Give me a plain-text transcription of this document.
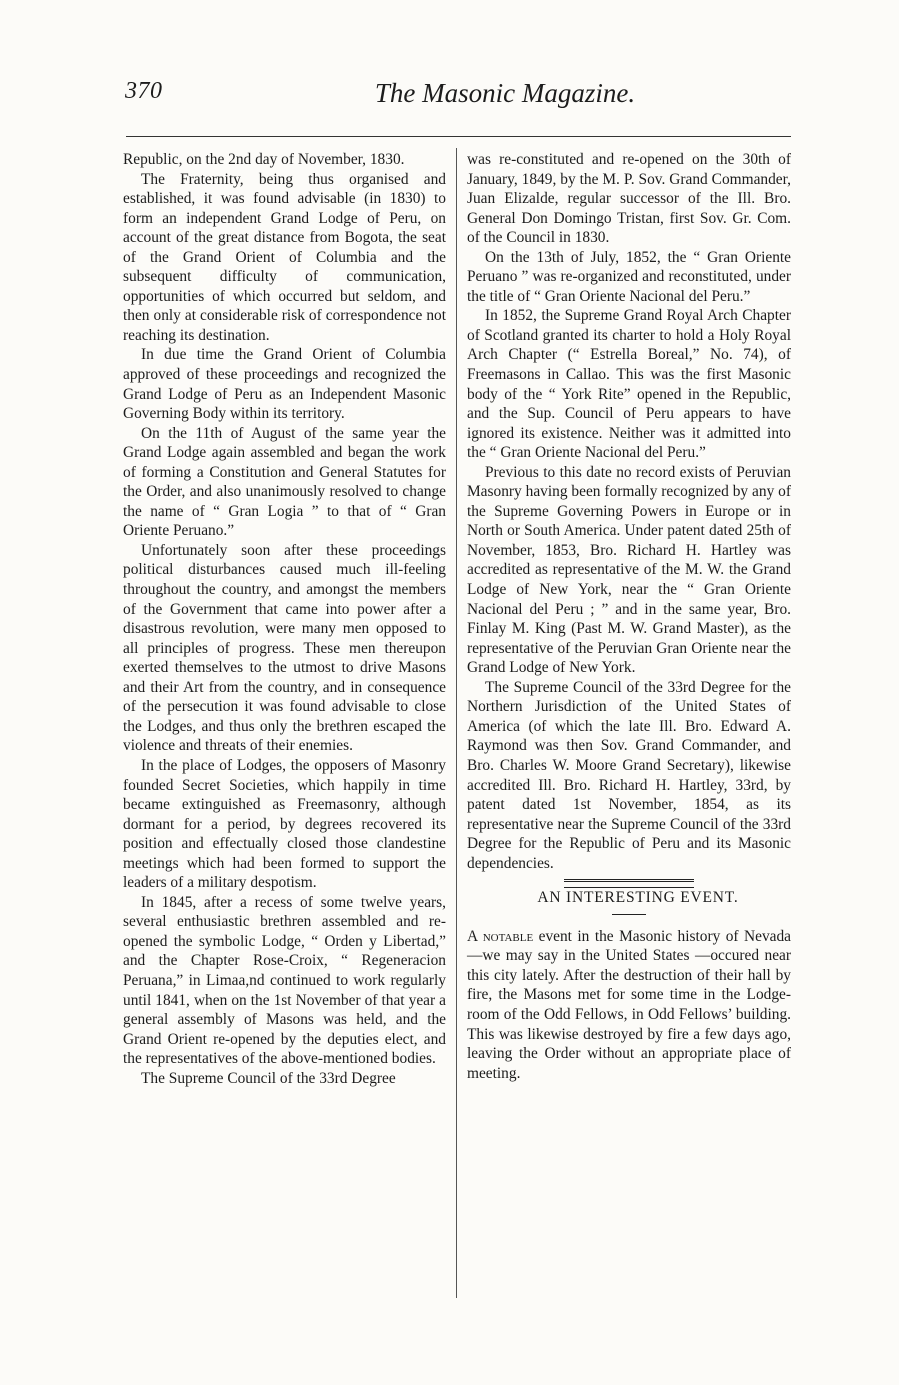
370	The Masonic Magazine.

Republic, on the 2nd day of November, 1830.

The Fraternity, being thus organised and established, it was found advisable (in 1830) to form an independent Grand Lodge of Peru, on account of the great distance from Bogota, the seat of the Grand Orient of Columbia and the subsequent difficulty of communication, opportunities of which occurred but seldom, and then only at considerable risk of correspondence not reaching its destination.

In due time the Grand Orient of Columbia approved of these proceedings and recognized the Grand Lodge of Peru as an Independent Masonic Governing Body within its territory.

On the 11th of August of the same year the Grand Lodge again assembled and began the work of forming a Constitution and General Statutes for the Order, and also unanimously resolved to change the name of “ Gran Logia ” to that of “ Gran Oriente Peruano.”

Unfortunately soon after these proceedings political disturbances caused much ill-feeling throughout the country, and amongst the members of the Government that came into power after a disastrous revolution, were many men opposed to all principles of progress. These men thereupon exerted themselves to the utmost to drive Masons and their Art from the country, and in consequence of the persecution it was found advisable to close the Lodges, and thus only the brethren escaped the violence and threats of their enemies.

In the place of Lodges, the opposers of Masonry founded Secret Societies, which happily in time became extinguished as Freemasonry, although dormant for a period, by degrees recovered its position and effectually closed those clandestine meetings which had been formed to support the leaders of a military despotism.

In 1845, after a recess of some twelve years, several enthusiastic brethren assembled and re-opened the symbolic Lodge, “ Orden y Libertad,” and the Chapter Rose-Croix, “ Regeneracion Peruana,” in Limaa,nd continued to work regularly until 1841, when on the 1st November of that year a general assembly of Masons was held, and the Grand Orient re-opened by the deputies elect, and the representatives of the above-mentioned bodies.

The Supreme Council of the 33rd Degree

was re-constituted and re-opened on the 30th of January, 1849, by the M. P. Sov. Grand Commander, Juan Elizalde, regular successor of the Ill. Bro. General Don Domingo Tristan, first Sov. Gr. Com. of the Council in 1830.

On the 13th of July, 1852, the “ Gran Oriente Peruano ” was re-organized and reconstituted, under the title of “ Gran Oriente Nacional del Peru.”

In 1852, the Supreme Grand Royal Arch Chapter of Scotland granted its charter to hold a Holy Royal Arch Chapter (“ Estrella Boreal,” No. 74), of Freemasons in Callao. This was the first Masonic body of the “ York Rite” opened in the Republic, and the Sup. Council of Peru appears to have ignored its existence. Neither was it admitted into the “ Gran Oriente Nacional del Peru.”

Previous to this date no record exists of Peruvian Masonry having been formally recognized by any of the Supreme Governing Powers in Europe or in North or South America. Under patent dated 25th of November, 1853, Bro. Richard H. Hartley was accredited as representative of the M. W. the Grand Lodge of New York, near the “ Gran Oriente Nacional del Peru ; ” and in the same year, Bro. Finlay M. King (Past M. W. Grand Master), as the representative of the Peruvian Gran Oriente near the Grand Lodge of New York.

The Supreme Council of the 33rd Degree for the Northern Jurisdiction of the United States of America (of which the late Ill. Bro. Edward A. Raymond was then Sov. Grand Commander, and Bro. Charles W. Moore Grand Secretary), likewise accredited Ill. Bro. Richard H. Hartley, 33rd, by patent dated 1st November, 1854, as its representative near the Supreme Council of the 33rd Degree for the Republic of Peru and its Masonic dependencies.

AN INTERESTING EVENT.

A notable event in the Masonic history of Nevada—we may say in the United States —occured near this city lately. After the destruction of their hall by fire, the Masons met for some time in the Lodge-room of the Odd Fellows, in Odd Fellows’ building. This was likewise destroyed by fire a few days ago, leaving the Order without an appropriate place of meeting.
